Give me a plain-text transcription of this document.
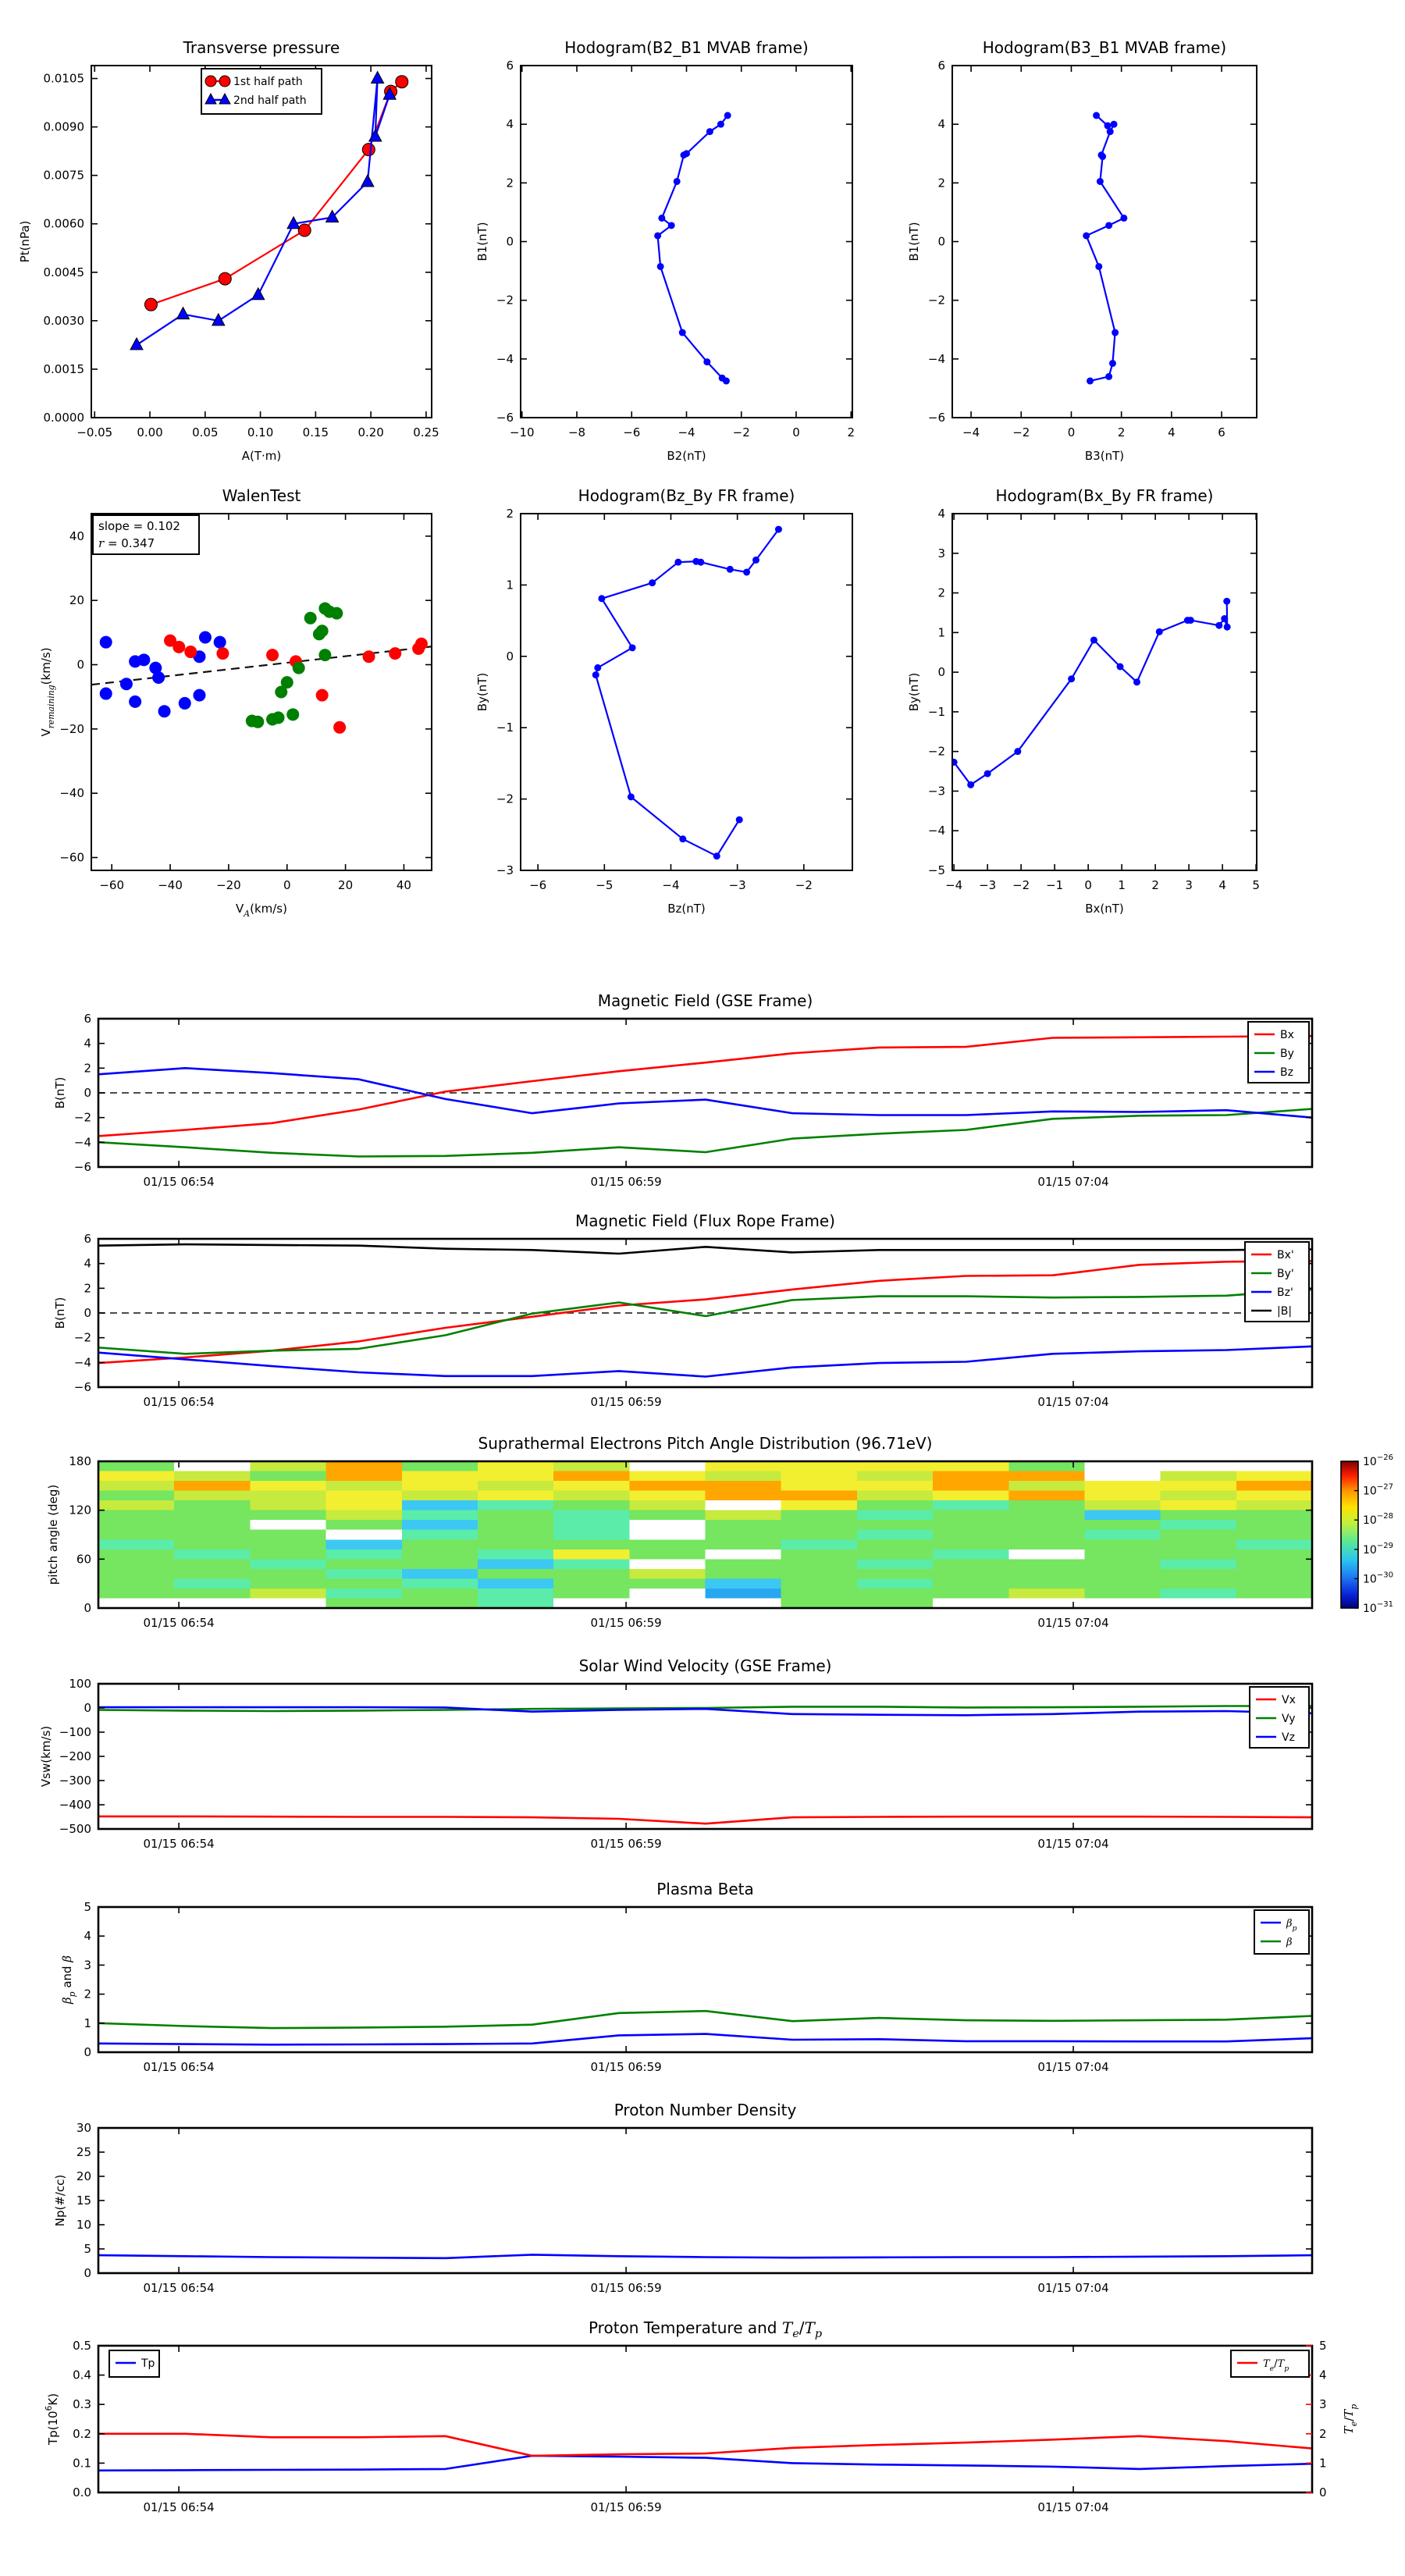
−0.05 0.00 0.05 0.10 0.15 0.20 0.25
0.0000
0.0015
0.0030
0.0045
0.0060
0.0075
0.0090
0.0105
Transverse pressure
A(T·m)
Pt(nPa)
1st half path
2nd half path
−10	−8	−6	−4	−2	0	2
−6
−4
−2
0
2
4
6
Hodogram(B2_B1 MVAB frame)
B2(nT)
B1(nT)
−4	−2	0	2	4	6
−6
−4
−2
0
2
4
6
Hodogram(B3_B1 MVAB frame)
B3(nT)
B1(nT)
−60	−40	−20	0	20	40
−60
−40
−20
0
20
40
WalenTest
$V_A(km/s)$
$V_{remaining}(km/s)$
slope = 0.102
r = 0.347
−6	−5	−4	−3	−2
−3
−2
−1
0
1
2
Hodogram(Bz_By FR frame)
Bz(nT)
By(nT)
−4 −3 −2 −1 0 1 2 3 4 5
−5
−4
−3
−2
−1
0
1
2
3
4
Hodogram(Bx_By FR frame)
Bx(nT)
By(nT)
01/15 06:54	01/15 06:59	01/15 07:04
−6
−4
−2
0
2
4
6
Magnetic Field (GSE Frame)
B(nT)
Bx
By
Bz
01/15 06:54	01/15 06:59	01/15 07:04
−6
−4
−2
0
2
4
6
Magnetic Field (Flux Rope Frame)
B(nT)
Bx'
By'
Bz'
|B|
01/15 06:54	01/15 06:59	01/15 07:04
0
60
120
180
Suprathermal Electrons Pitch Angle Distribution (96.71eV)
pitch angle (deg)
$10^{-26}$
$10^{-27}$
$10^{-28}$
$10^{-29}$
$10^{-30}$
$10^{-31}$
01/15 06:54	01/15 06:59	01/15 07:04
−500
−400
−300
−200
−100
0
100
Solar Wind Velocity (GSE Frame)
Vsw(km/s)
Vx
Vy
Vz
01/15 06:54	01/15 06:59	01/15 07:04
0
1
2
3
4
5
Plasma Beta
$\beta_p$ and β
$\beta_p$
β
01/15 06:54	01/15 06:59	01/15 07:04
0
5
10
15
20
25
30
Proton Number Density
Np(#/cc)
01/15 06:54	01/15 06:59	01/15 07:04
0.0
0.1
0.2
0.3
0.4
0.5
0
1
2
3
4
5
$T_e/T_p$
Proton Temperature and $T_e/T_p$
$Tp(10^6K)$
Tp	$T_e/T_p$
